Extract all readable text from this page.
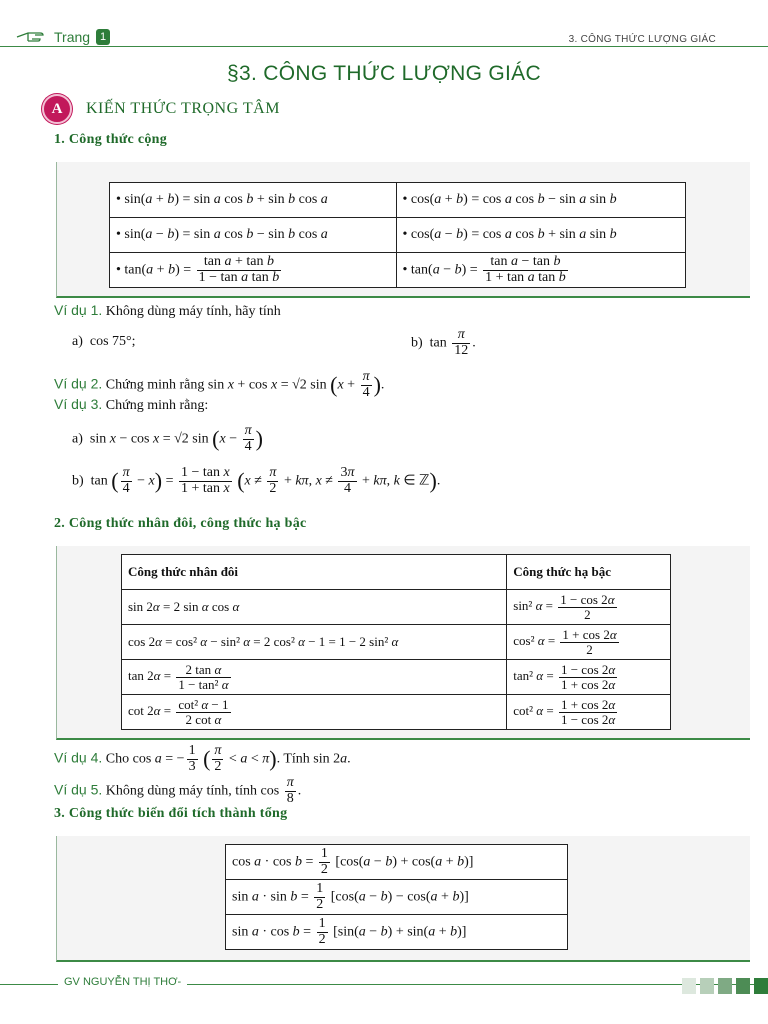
Trang 1	3. CÔNG THỨC LƯỢNG GIÁC
§3. CÔNG THỨC LƯỢNG GIÁC
A	KIẾN THỨC TRỌNG TÂM
1. Công thức cộng
• sin(a + b) = sin a cos b + sin b cos a	• cos(a + b) = cos a cos b − sin a sin b
• sin(a − b) = sin a cos b − sin b cos a	• cos(a − b) = cos a cos b + sin a sin b
• $\tan(a + b) = \frac{\text{tan a + tan b}}{\text{1 − tan a tan b}}$	• $\tan(a - b) = \frac{\text{tan a − tan b}}{\text{1 + tan a tan b}}$
Ví dụ 1. Không dùng máy tính, hãy tính
a)  cos 75°;	b)  $\tan \frac{\pi}{12}$ .
Ví dụ 2. Chứng minh rằng sin x + cos x = √2 $\sin (x + \frac{\pi}{4}$ ).
Ví dụ 3. Chứng minh rằng:
a)  sin x − cos x = √2 $\sin (x - \frac{\pi}{4}$ )
b)  tan ( $\frac{\pi}{4} - x) = \frac{\text{1 − tan x}}{\text{1 + tan x}} (x \ne \frac{\pi}{2} + k\pi$, $x \ne \frac{3\pi}{4} + k\pi$, k ∈ ℤ).
2. Công thức nhân đôi, công thức hạ bậc
Công thức nhân đôi	Công thức hạ bậc
sin 2α = 2 sin α cos α	sin² $\alpha = \frac{1 - \cos 2\alpha}{2}$

cos 2α = cos² α − sin² α = 2 cos² α − 1 = 1 − 2 sin² α	cos² $\alpha = \frac{1 + \cos 2\alpha}{2}$

$\tan 2\alpha = \frac{\text{2 tan α}}{\text{1 − tan² α}}$	tan² $\alpha = \frac{1 - \cos 2\alpha}{1 + \cos 2\alpha}$

$\cot 2\alpha = \frac{\text{cot² α − 1}}{\text{2 cot α}}$	cot² $\alpha = \frac{1 + \cos 2\alpha}{1 - \cos 2\alpha}$
Ví dụ 4. Cho cos a = − $\frac{1}{3}$ ( $\frac{\pi}{2} < a < \pi$). Tính sin 2a.
Ví dụ 5. Không dùng máy tính, tính $\cos \frac{\pi}{8}$ .
3. Công thức biến đổi tích thành tổng
$\cos a \cdot \cos b = \frac{1}{2} [\cos(a - b) + \cos(a + b)]$
$\sin a \cdot \sin b = \frac{1}{2} [\cos(a - b) - \cos(a + b)]$
$\sin a \cdot \cos b = \frac{1}{2} [\sin(a - b) + \sin(a + b)]$
GV NGUYỄN THỊ THƠ-
